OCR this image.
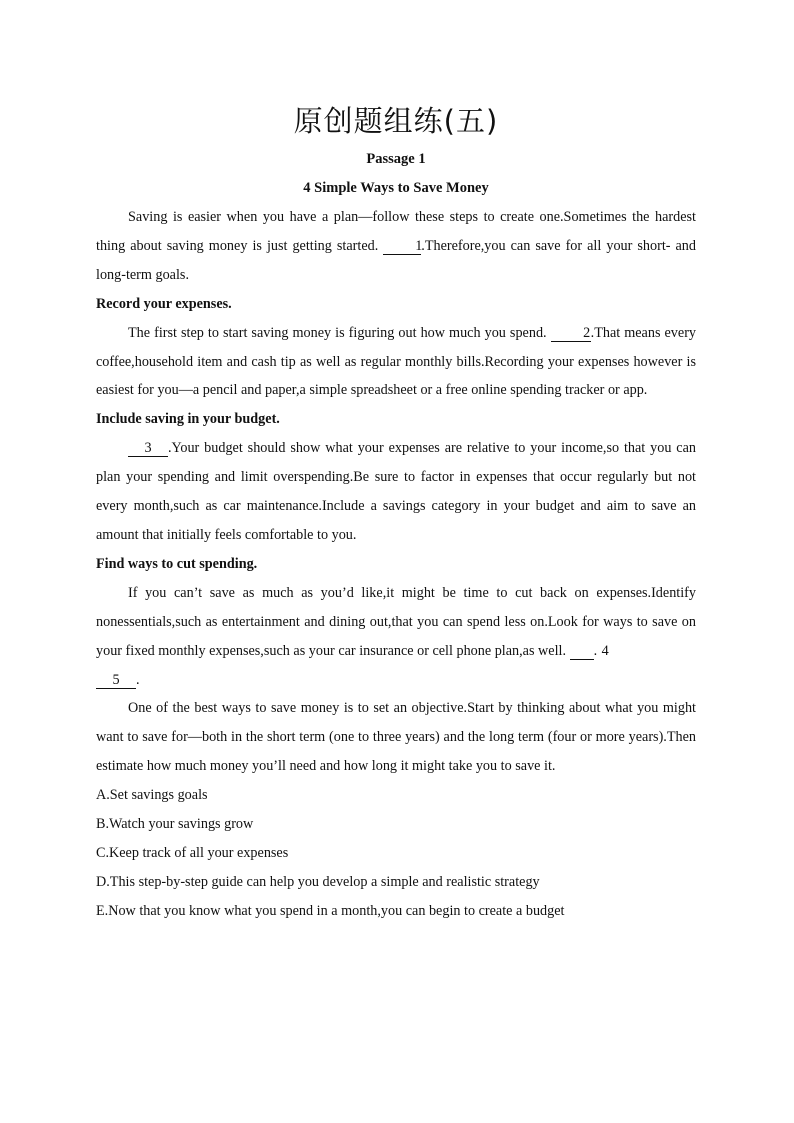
原创题组练(五)
Passage 1
4 Simple Ways to Save Money

Saving is easier when you have a plan—follow these steps to create one.Sometimes the hardest thing about saving money is just getting started.	1.Therefore,you can save for all your short- and long-term goals.

Record your expenses.

The first step to start saving money is figuring out how much you spend.	2.That means every coffee,household item and cash tip as well as regular monthly bills.Recording your expenses however is easiest for you—a pencil and paper,a simple spreadsheet or a free online spending tracker or app.

Include saving in your budget.

3 .Your budget should show what your expenses are relative to your income,so that you can plan your spending and limit overspending.Be sure to factor in expenses that occur regularly but not every month,such as car maintenance.Include a savings category in your budget and aim to save an amount that initially feels comfortable to you.

Find ways to cut spending.

If you can’t save as much as you’d like,it might be time to cut back on expenses.Identify nonessentials,such as entertainment and dining out,that you can spend less on.Look for ways to save on your fixed monthly expenses,such as your car insurance or cell phone plan,as well.	4.

5 .

One of the best ways to save money is to set an objective.Start by thinking about what you might want to save for—both in the short term (one to three years) and the long term (four or more years).Then estimate how much money you’ll need and how long it might take you to save it.

A.Set savings goals

B.Watch your savings grow

C.Keep track of all your expenses

D.This step-by-step guide can help you develop a simple and realistic strategy

E.Now that you know what you spend in a month,you can begin to create a budget
